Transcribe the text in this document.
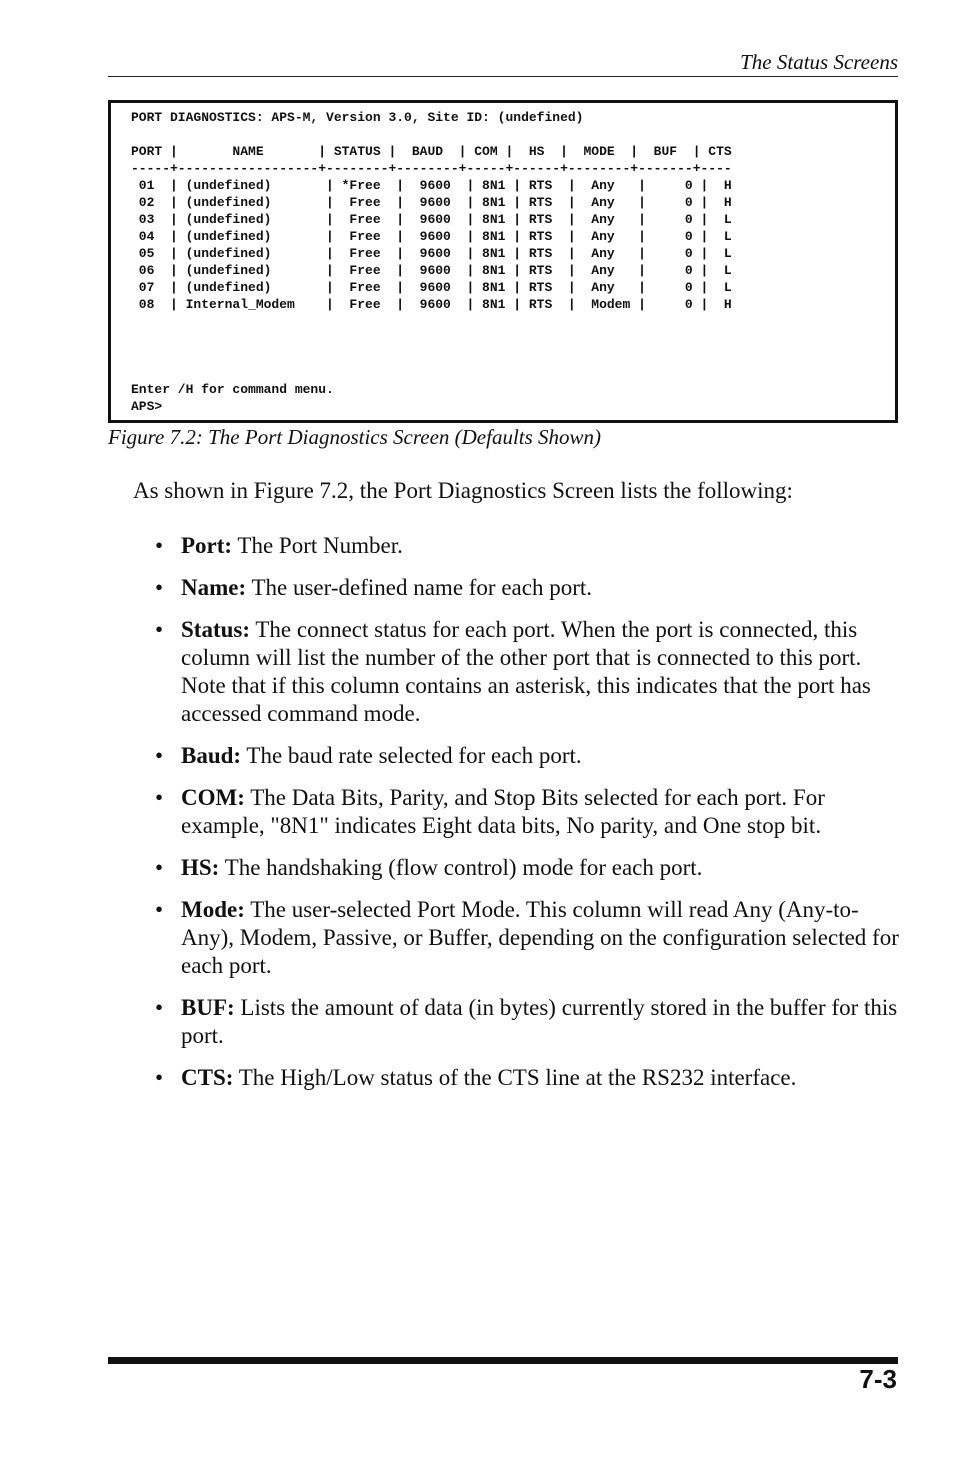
The Status Screens
PORT DIAGNOSTICS: APS-M, Version 3.0, Site ID: (undefined)

PORT |       NAME       | STATUS |  BAUD  | COM |  HS  |  MODE  |  BUF  | CTS
-----+------------------+--------+--------+-----+------+--------+-------+----
01  | (undefined)       | *Free  |  9600  | 8N1 | RTS  |  Any   |     0 |  H
02  | (undefined)       |  Free  |  9600  | 8N1 | RTS  |  Any   |     0 |  H
03  | (undefined)       |  Free  |  9600  | 8N1 | RTS  |  Any   |     0 |  L
04  | (undefined)       |  Free  |  9600  | 8N1 | RTS  |  Any   |     0 |  L
05  | (undefined)       |  Free  |  9600  | 8N1 | RTS  |  Any   |     0 |  L
06  | (undefined)       |  Free  |  9600  | 8N1 | RTS  |  Any   |     0 |  L
07  | (undefined)       |  Free  |  9600  | 8N1 | RTS  |  Any   |     0 |  L
08  | Internal_Modem    |  Free  |  9600  | 8N1 | RTS  |  Modem |     0 |  H

Enter /H for command menu.
APS>
Figure 7.2: The Port Diagnostics Screen (Defaults Shown)
As shown in Figure 7.2, the Port Diagnostics Screen lists the following:
• Port: The Port Number.
• Name: The user-defined name for each port.
• Status: The connect status for each port. When the port is connected, this column will list the number of the other port that is connected to this port. Note that if this column contains an asterisk, this indicates that the port has accessed command mode.
• Baud: The baud rate selected for each port.
• COM: The Data Bits, Parity, and Stop Bits selected for each port. For example, "8N1" indicates Eight data bits, No parity, and One stop bit.
• HS: The handshaking (flow control) mode for each port.
• Mode: The user-selected Port Mode. This column will read Any (Any-to-Any), Modem, Passive, or Buffer, depending on the configuration selected for each port.
• BUF: Lists the amount of data (in bytes) currently stored in the buffer for this port.
• CTS: The High/Low status of the CTS line at the RS232 interface.
7-3
